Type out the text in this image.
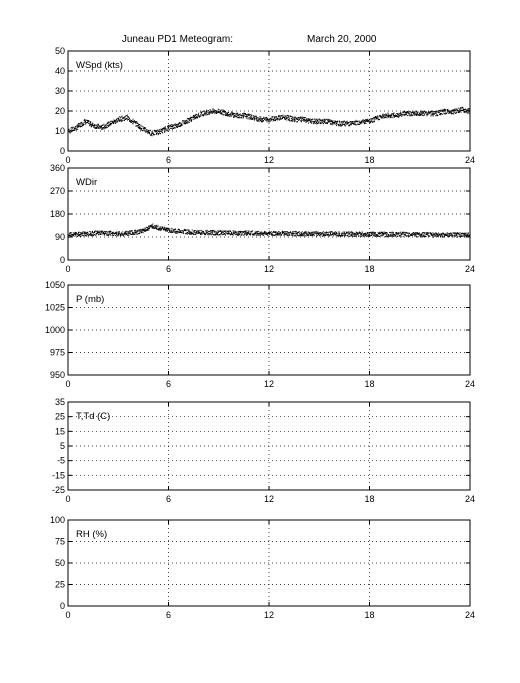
Juneau PD1 Meteogram:	March 20, 2000
0	6	12	18	24
0
10
20
30
40
50
WSpd (kts)
0	6	12	18	24
0
90
180
270
360
WDir
0	6	12	18	24
950
975
1000
1025
1050
P (mb)
0	6	12	18	24
-25
-15
-5
5
15
25
35
T,Td (C)
0	6	12	18	24
0
25
50
75
100
RH (%)
